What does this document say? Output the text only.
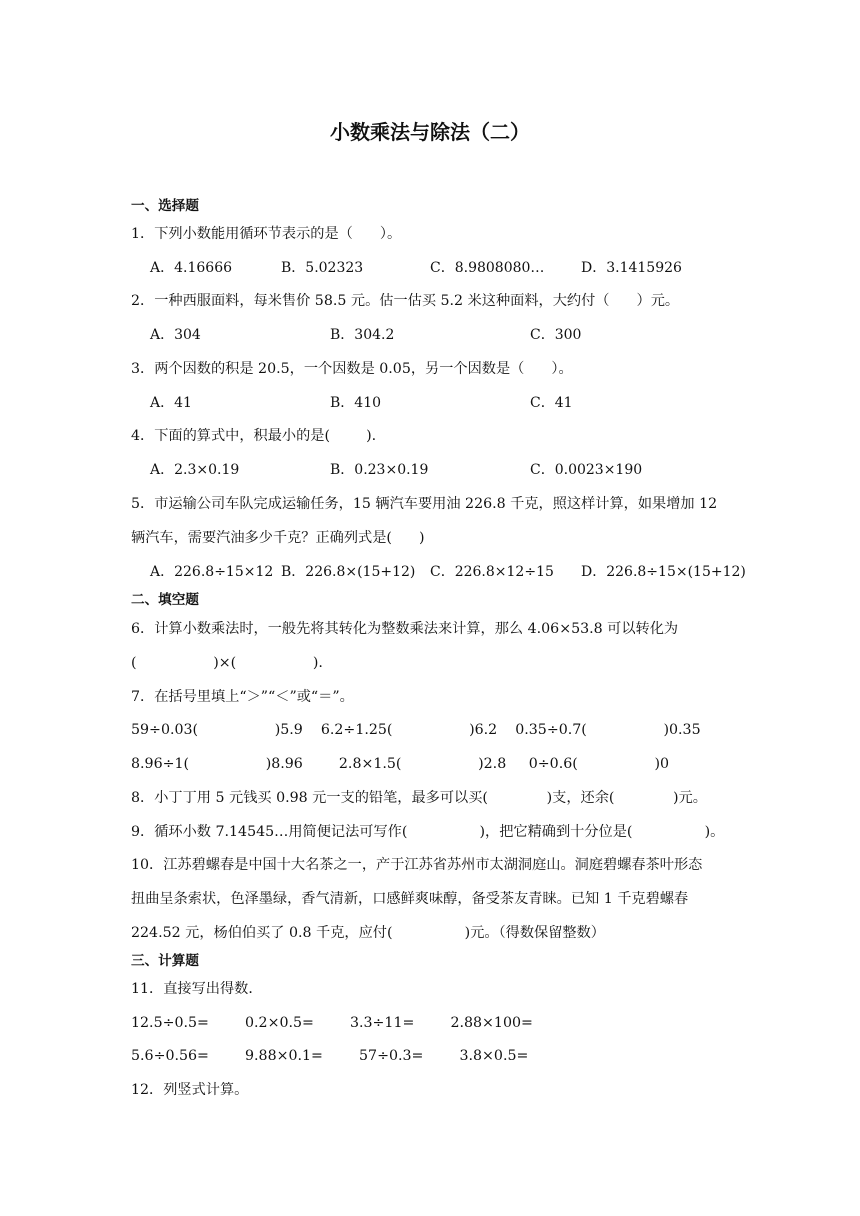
小数乘法与除法（二）
一、选择题
1．下列小数能用循环节表示的是（      ）。
A．4.16666	B．5.02323	C．8.9808080…	D．3.1415926
2．一种西服面料，每米售价 58.5 元。估一估买 5.2 米这种面料，大约付（      ）元。
A．304	B．304.2	C．300
3．两个因数的积是 20.5，一个因数是 0.05，另一个因数是（      ）。
A．41	B．410	C．41
4．下面的算式中，积最小的是(        ).
A．2.3×0.19	B．0.23×0.19	C．0.0023×190
5．市运输公司车队完成运输任务，15 辆汽车要用油 226.8 千克，照这样计算，如果增加 12
辆汽车，需要汽油多少千克？正确列式是(      )
A．226.8÷15×12 B．226.8×(15+12) C．226.8×12÷15 D．226.8÷15×(15+12)
二、填空题
6．计算小数乘法时，一般先将其转化为整数乘法来计算，那么 4.06×53.8 可以转化为
(                 )×(                 ).
7．在括号里填上“＞”“＜”或“＝”。
59÷0.03(                 )5.9    6.2÷1.25(                 )6.2    0.35÷0.7(                 )0.35
8.96÷1(                 )8.96        2.8×1.5(                 )2.8     0÷0.6(                 )0
8．小丁丁用 5 元钱买 0.98 元一支的铅笔，最多可以买(             )支，还余(             )元。
9．循环小数 7.14545…用简便记法可写作(                )，把它精确到十分位是(                )。
10．江苏碧螺春是中国十大名茶之一，产于江苏省苏州市太湖洞庭山。洞庭碧螺春茶叶形态
扭曲呈条索状，色泽墨绿，香气清新，口感鲜爽味醇，备受茶友青睐。已知 1 千克碧螺春
224.52 元，杨伯伯买了 0.8 千克，应付(                )元。（得数保留整数）
三、计算题
11．直接写出得数．
12.5÷0.5=        0.2×0.5=        3.3÷11=        2.88×100=
5.6÷0.56=        9.88×0.1=        57÷0.3=        3.8×0.5=
12．列竖式计算。
